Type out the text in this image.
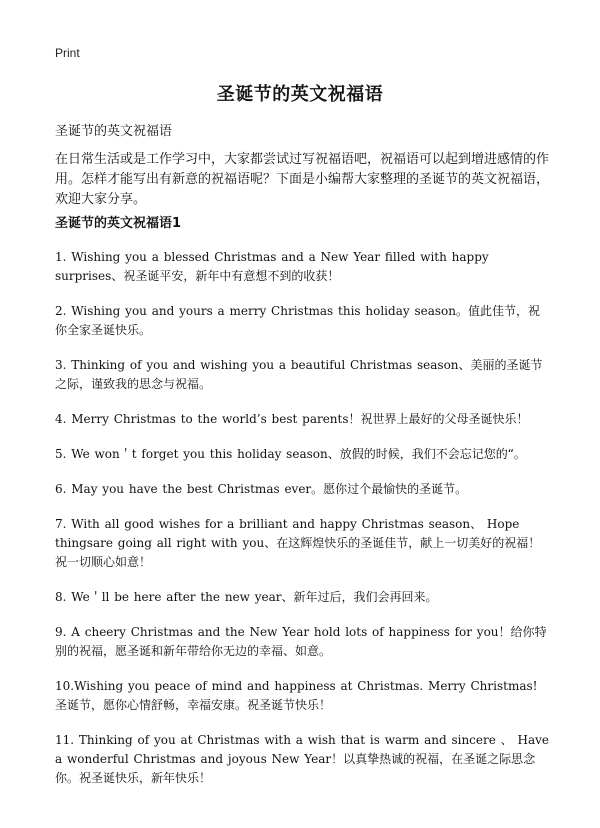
Print
圣诞节的英文祝福语
圣诞节的英文祝福语
在日常生活或是工作学习中，大家都尝试过写祝福语吧，祝福语可以起到增进感情的作用。怎样才能写出有新意的祝福语呢？下面是小编帮大家整理的圣诞节的英文祝福语，欢迎大家分享。
圣诞节的英文祝福语1
1. Wishing you a blessed Christmas and a New Year filled with happy surprises、祝圣诞平安，新年中有意想不到的收获！
2. Wishing you and yours a merry Christmas this holiday season。值此佳节，祝你全家圣诞快乐。
3. Thinking of you and wishing you a beautiful Christmas season、美丽的圣诞节之际，谨致我的思念与祝福。
4. Merry Christmas to the world’s best parents！祝世界上最好的父母圣诞快乐！
5. We won＇t forget you this holiday season、放假的时候，我们不会忘记您的“。
6. May you have the best Christmas ever。愿你过个最愉快的圣诞节。
7. With all good wishes for a brilliant and happy Christmas season、 Hope thingsare going all right with you、在这辉煌快乐的圣诞佳节，献上一切美好的祝福！祝一切顺心如意！
8. We＇ll be here after the new year、新年过后，我们会再回来。
9. A cheery Christmas and the New Year hold lots of happiness for you！给你特别的祝福，愿圣诞和新年带给你无边的幸福、如意。
10.Wishing you peace of mind and happiness at Christmas. Merry Christmas! 圣诞节，愿你心情舒畅，幸福安康。祝圣诞节快乐！
11. Thinking of you at Christmas with a wish that is warm and sincere 、 Have a wonderful Christmas and joyous New Year！以真挚热诚的祝福，在圣诞之际思念你。祝圣诞快乐，新年快乐！
